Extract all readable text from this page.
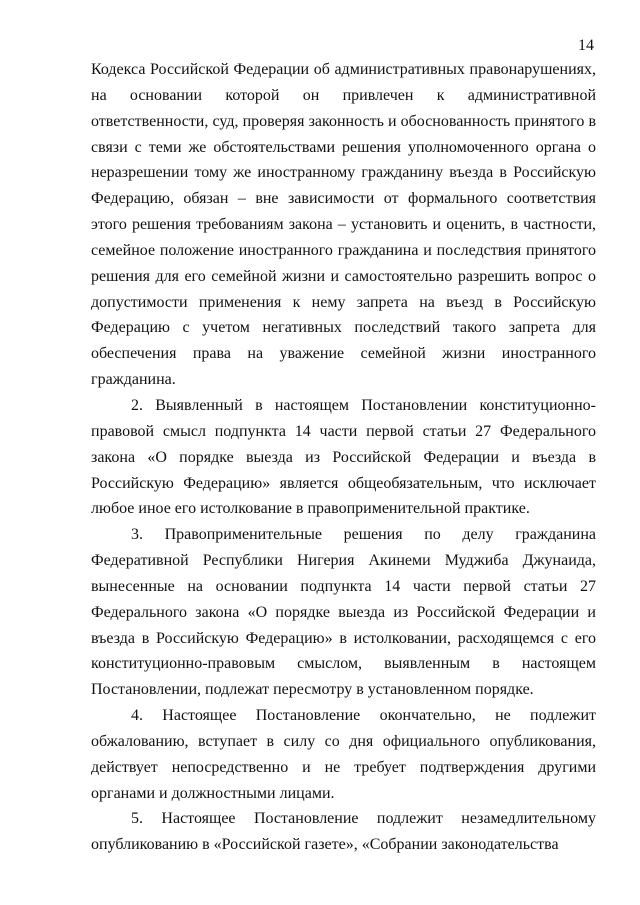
14

Кодекса Российской Федерации об административных правонарушениях, на основании которой он привлечен к административной ответственности, суд, проверяя законность и обоснованность принятого в связи с теми же обстоятельствами решения уполномоченного органа о неразрешении тому же иностранному гражданину въезда в Российскую Федерацию, обязан – вне зависимости от формального соответствия этого решения требованиям закона – установить и оценить, в частности, семейное положение иностранного гражданина и последствия принятого решения для его семейной жизни и самостоятельно разрешить вопрос о допустимости применения к нему запрета на въезд в Российскую Федерацию с учетом негативных последствий такого запрета для обеспечения права на уважение семейной жизни иностранного гражданина.

2. Выявленный в настоящем Постановлении конституционно-правовой смысл подпункта 14 части первой статьи 27 Федерального закона «О порядке выезда из Российской Федерации и въезда в Российскую Федерацию» является общеобязательным, что исключает любое иное его истолкование в правоприменительной практике.

3. Правоприменительные решения по делу гражданина Федеративной Республики Нигерия Акинеми Муджиба Джунаида, вынесенные на основании подпункта 14 части первой статьи 27 Федерального закона «О порядке выезда из Российской Федерации и въезда в Российскую Федерацию» в истолковании, расходящемся с его конституционно-правовым смыслом, выявленным в настоящем Постановлении, подлежат пересмотру в установленном порядке.

4. Настоящее Постановление окончательно, не подлежит обжалованию, вступает в силу со дня официального опубликования, действует непосредственно и не требует подтверждения другими органами и должностными лицами.

5. Настоящее Постановление подлежит незамедлительному опубликованию в «Российской газете», «Собрании законодательства
